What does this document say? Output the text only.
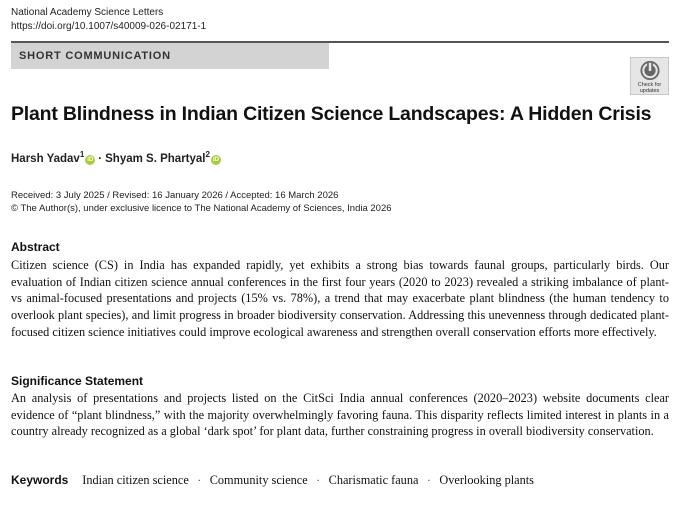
National Academy Science Letters
https://doi.org/10.1007/s40009-026-02171-1
SHORT COMMUNICATION
Check for
updates
Plant Blindness in Indian Citizen Science Landscapes: A Hidden Crisis
Harsh Yadav$^1$iD · Shyam S. Phartyal$^2$iD
Received: 3 July 2025 / Revised: 16 January 2026 / Accepted: 16 March 2026
© The Author(s), under exclusive licence to The National Academy of Sciences, India 2026
Abstract

Citizen science (CS) in India has expanded rapidly, yet exhibits a strong bias towards faunal groups, particularly birds. Our evaluation of Indian citizen science annual conferences in the first four years (2020 to 2023) revealed a striking imbalance of plant- vs animal-focused presentations and projects (15% vs. 78%), a trend that may exacerbate plant blindness (the human tendency to overlook plant species), and limit progress in broader biodiversity conservation. Addressing this unevenness through dedicated plant-focused citizen science initiatives could improve ecological awareness and strengthen overall conservation efforts more effectively.

Significance Statement

An analysis of presentations and projects listed on the CitSci India annual conferences (2020–2023) website documents clear evidence of “plant blindness,” with the majority overwhelmingly favoring fauna. This disparity reflects limited interest in plants in a country already recognized as a global ‘dark spot’ for plant data, further constraining progress in overall biodiversity conservation.

Keywords Indian citizen science · Community science · Charismatic fauna · Overlooking plants
